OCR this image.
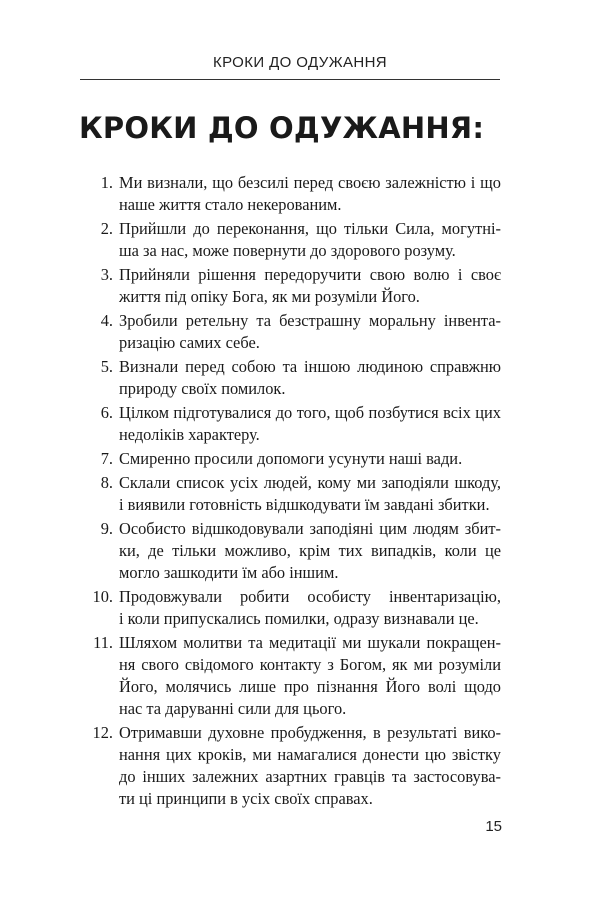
КРОКИ ДО ОДУЖАННЯ
КРОКИ ДО ОДУЖАННЯ:
1. Ми визнали, що безсилі перед своєю залежністю і що
наше життя стало некерованим.
2. Прийшли до переконання, що тільки Сила, могутні-
ша за нас, може повернути до здорового розуму.
3. Прийняли рішення передоручити свою волю і своє
життя під опіку Бога, як ми розуміли Його.
4. Зробили ретельну та безстрашну моральну інвента-
ризацію самих себе.
5. Визнали перед собою та іншою людиною справжню
природу своїх помилок.
6. Цілком підготувалися до того, щоб позбутися всіх цих
недоліків характеру.
7. Смиренно просили допомоги усунути наші вади.
8. Склали список усіх людей, кому ми заподіяли шкоду,
і виявили готовність відшкодувати їм завдані збитки.
9. Особисто відшкодовували заподіяні цим людям збит-
ки, де тільки можливо, крім тих випадків, коли це
могло зашкодити їм або іншим.
10. Продовжували робити особисту інвентаризацію,
і коли припускались помилки, одразу визнавали це.
11. Шляхом молитви та медитації ми шукали покращен-
ня свого свідомого контакту з Богом, як ми розуміли
Його, молячись лише про пізнання Його волі щодо
нас та даруванні сили для цього.
12. Отримавши духовне пробудження, в результаті вико-
нання цих кроків, ми намагалися донести цю звістку
до інших залежних азартних гравців та застосовува-
ти ці принципи в усіх своїх справах.
15
